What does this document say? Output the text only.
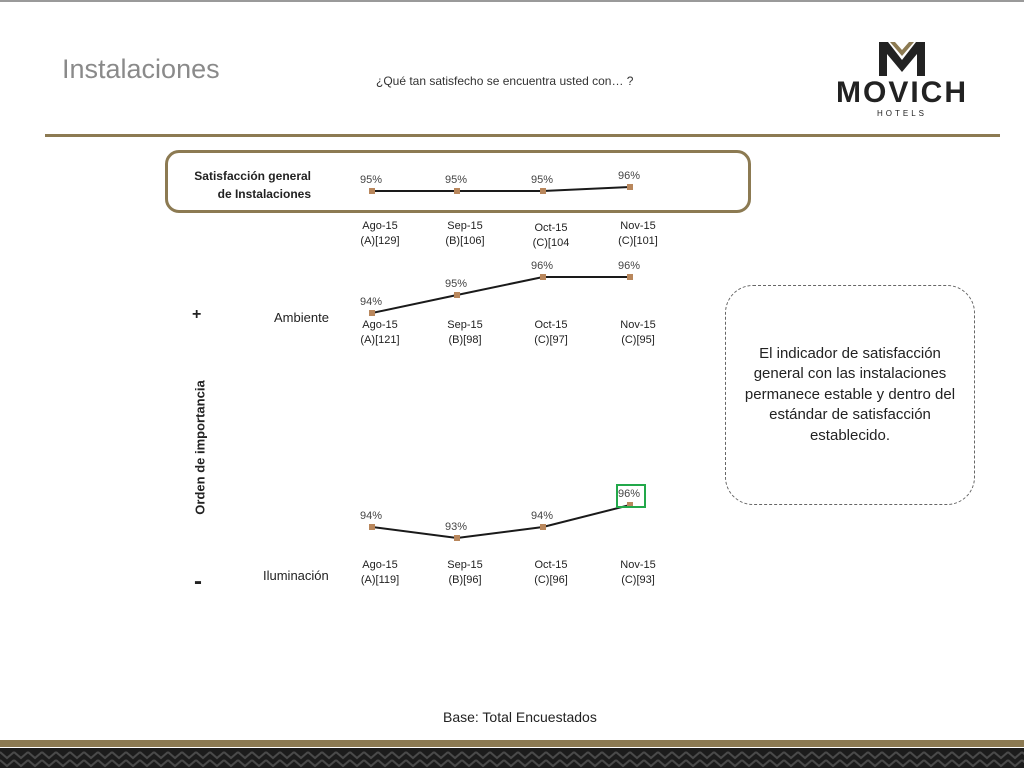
Instalaciones	¿Qué tan satisfecho se encuentra usted con… ?	MOVICH
HOTELS
Satisfacción general
de Instalaciones
Ambiente
Iluminación
Orden de importancia
+
-
95%	95%	95%	96%
94%
95%
96%	96%
94%
93%
94%
96%
Ago-15
(A)[129]
Sep-15
(B)[106]
Oct-15
(C)[104
Nov-15
(C)[101]
Ago-15
(A)[121]
Sep-15
(B)[98]
Oct-15
(C)[97]
Nov-15
(C)[95]
Ago-15
(A)[119]
Sep-15
(B)[96]
Oct-15
(C)[96]
Nov-15
(C)[93]
El indicador de satisfacción general con las instalaciones permanece estable y dentro del estándar de satisfacción establecido.
Base: Total Encuestados
